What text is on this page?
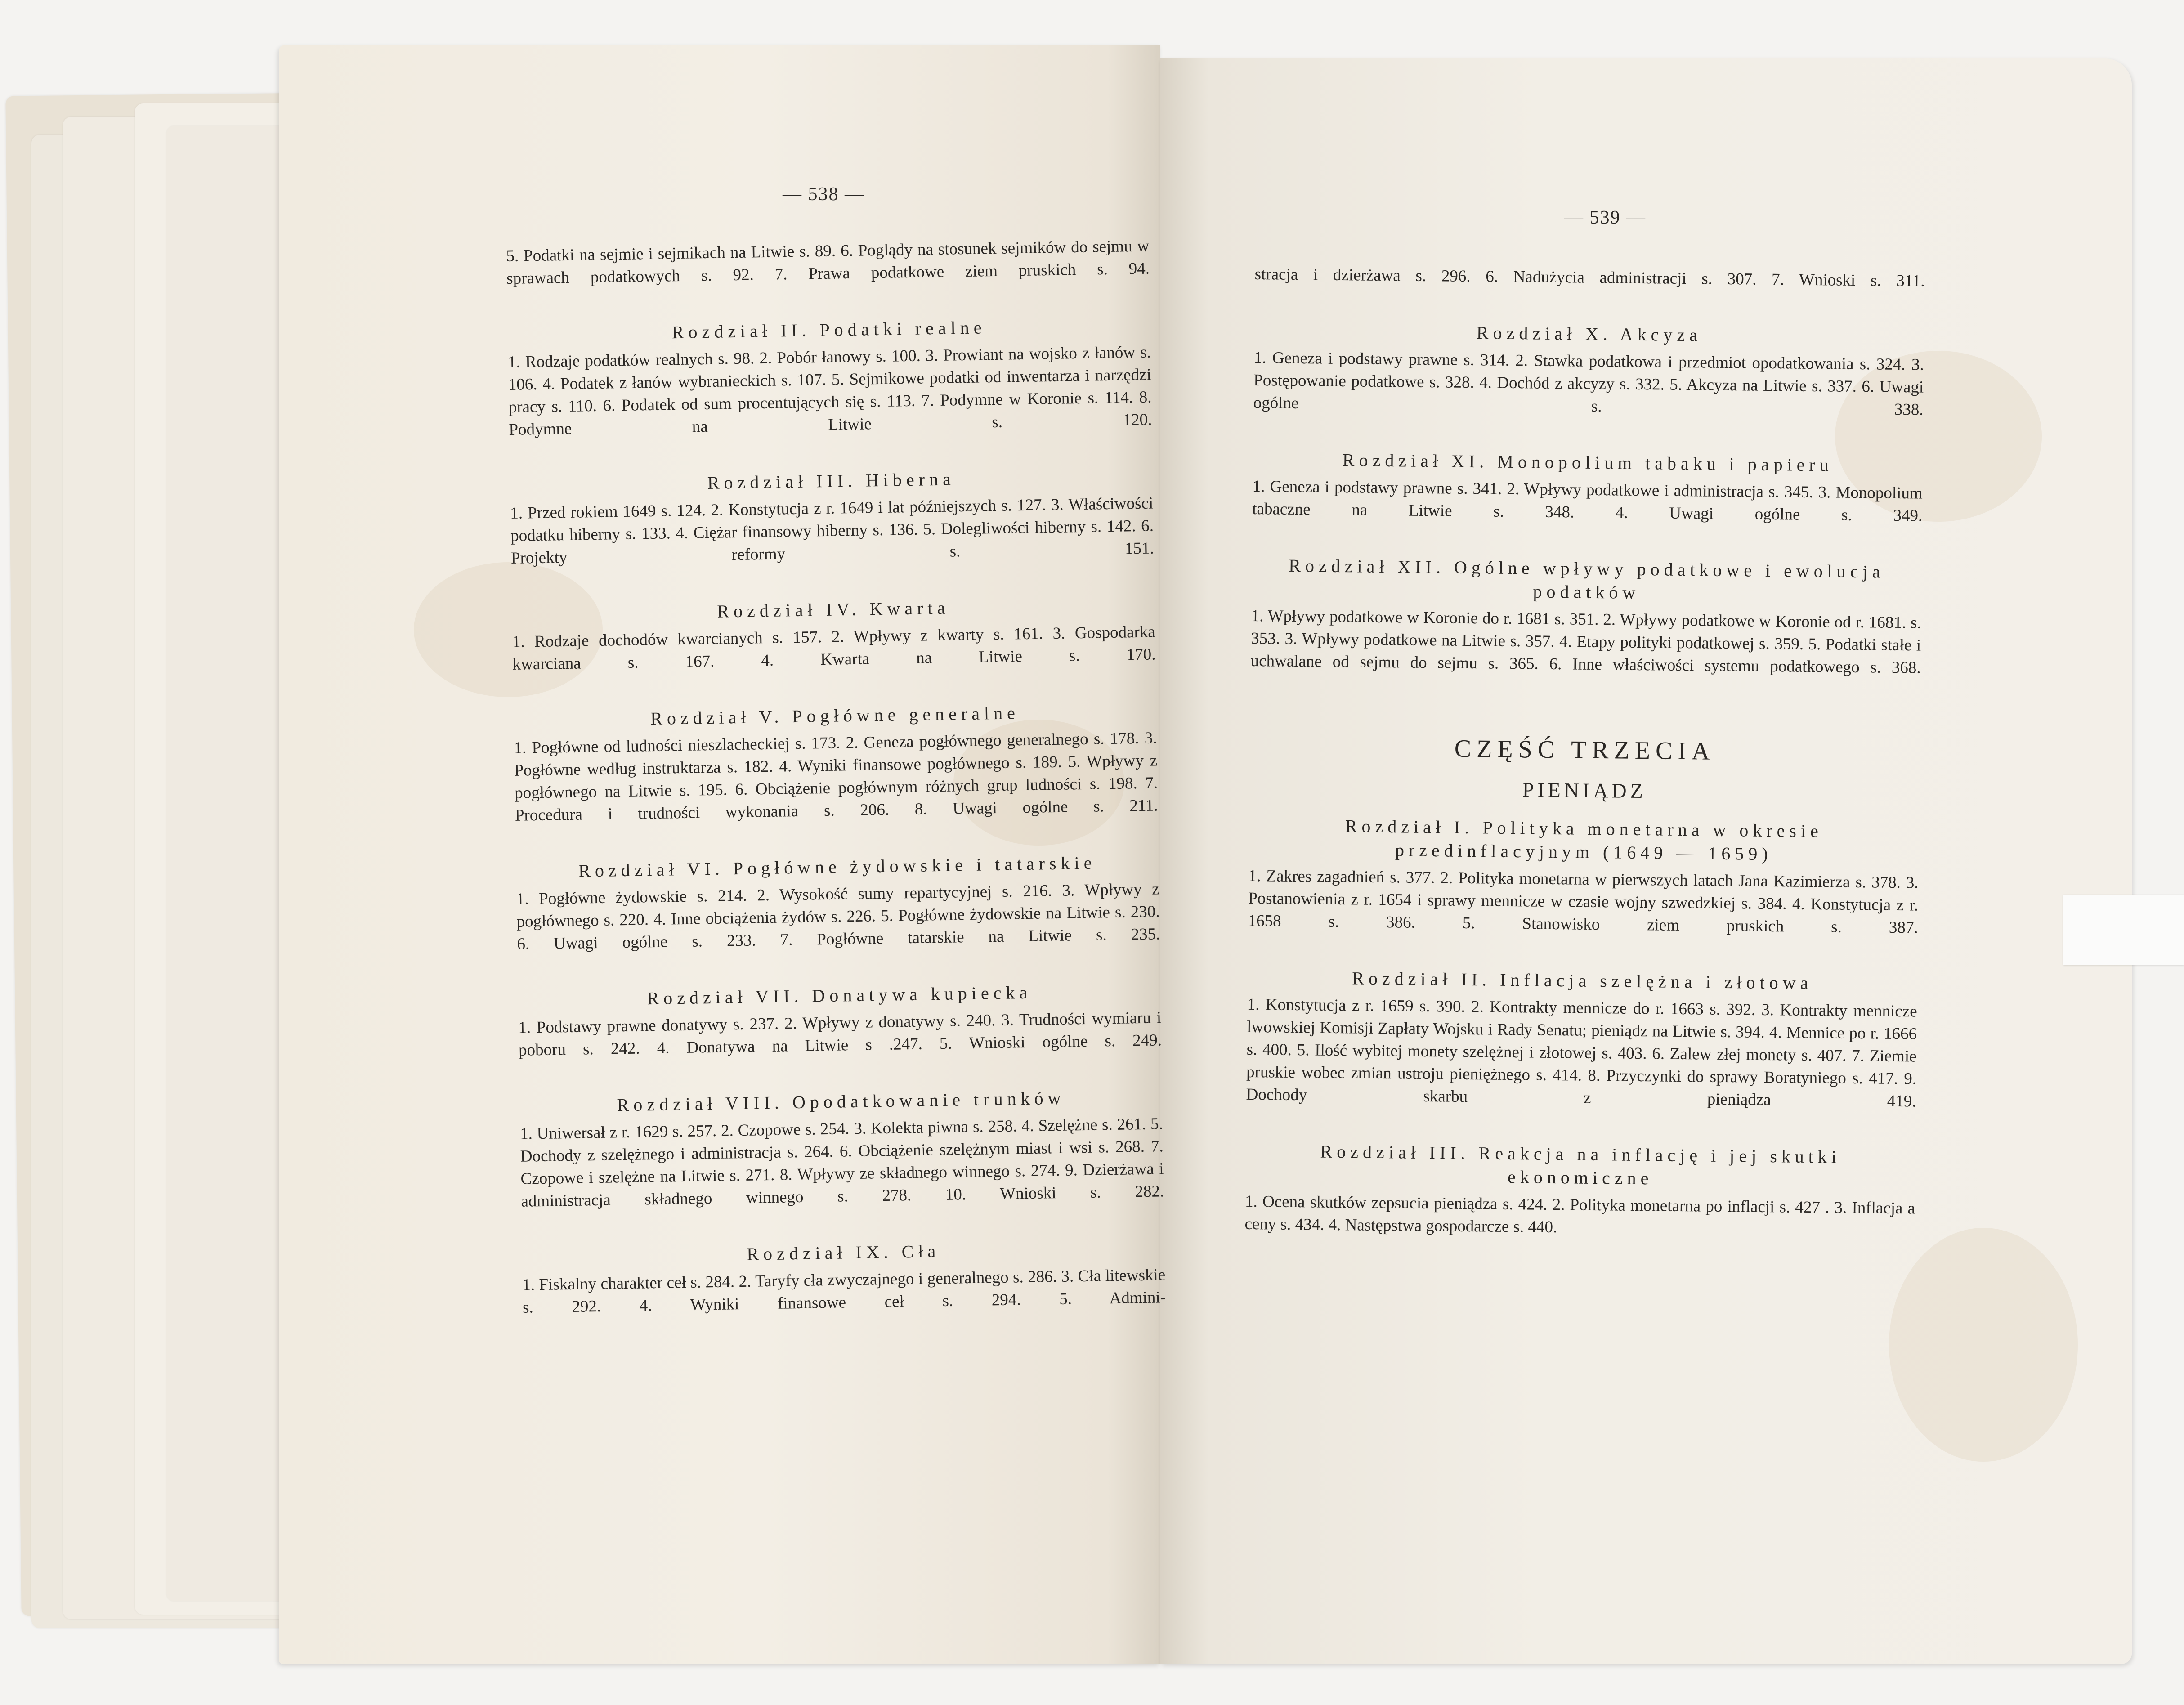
— 538 —
— 539 —

5. Podatki na sejmie i sejmikach na Litwie s. 89. 6. Poglądy na stosunek sejmików do sejmu w sprawach podatkowych s. 92. 7. Prawa podatkowe ziem pruskich s. 94.

Rozdział II. Podatki realne

1. Rodzaje podatków realnych s. 98. 2. Pobór łanowy s. 100. 3. Prowiant na wojsko z łanów s. 106. 4. Podatek z łanów wybranieckich s. 107. 5. Sejmikowe podatki od inwentarza i narzędzi pracy s. 110. 6. Podatek od sum procentujących się s. 113. 7. Podymne w Koronie s. 114. 8. Podymne na Litwie s. 120.

Rozdział III. Hiberna

1. Przed rokiem 1649 s. 124. 2. Konstytucja z r. 1649 i lat późniejszych s. 127. 3. Właściwości podatku hiberny s. 133. 4. Ciężar finansowy hiberny s. 136. 5. Dolegliwości hiberny s. 142. 6. Projekty reformy s. 151.

Rozdział IV. Kwarta

1. Rodzaje dochodów kwarcianych s. 157. 2. Wpływy z kwarty s. 161. 3. Gospodarka kwarciana s. 167. 4. Kwarta na Litwie s. 170.

Rozdział V. Pogłówne generalne

1. Pogłówne od ludności nieszlacheckiej s. 173. 2. Geneza pogłównego generalnego s. 178. 3. Pogłówne według instruktarza s. 182. 4. Wyniki finansowe pogłównego s. 189. 5. Wpływy z pogłównego na Litwie s. 195. 6. Obciążenie pogłównym różnych grup ludności s. 198. 7. Procedura i trudności wykonania s. 206. 8. Uwagi ogólne s. 211.

Rozdział VI. Pogłówne żydowskie i tatarskie

1. Pogłówne żydowskie s. 214. 2. Wysokość sumy repartycyjnej s. 216. 3. Wpływy z pogłównego s. 220. 4. Inne obciążenia żydów s. 226. 5. Pogłówne żydowskie na Litwie s. 230. 6. Uwagi ogólne s. 233. 7. Pogłówne tatarskie na Litwie s. 235.

Rozdział VII. Donatywa kupiecka

1. Podstawy prawne donatywy s. 237. 2. Wpływy z donatywy s. 240. 3. Trudności wymiaru i poboru s. 242. 4. Donatywa na Litwie s .247. 5. Wnioski ogólne s. 249.

Rozdział VIII. Opodatkowanie trunków

1. Uniwersał z r. 1629 s. 257. 2. Czopowe s. 254. 3. Kolekta piwna s. 258. 4. Szelężne s. 261. 5. Dochody z szelężnego i administracja s. 264. 6. Obciążenie szelężnym miast i wsi s. 268. 7. Czopowe i szelężne na Litwie s. 271. 8. Wpływy ze składnego winnego s. 274. 9. Dzierżawa i administracja składnego winnego s. 278. 10. Wnioski s. 282.

Rozdział IX. Cła

1. Fiskalny charakter ceł s. 284. 2. Taryfy cła zwyczajnego i generalnego s. 286. 3. Cła litewskie s. 292. 4. Wyniki finansowe ceł s. 294. 5. Admini-

stracja i dzierżawa s. 296. 6. Nadużycia administracji s. 307. 7. Wnioski s. 311.

Rozdział X. Akcyza

1. Geneza i podstawy prawne s. 314. 2. Stawka podatkowa i przedmiot opodatkowania s. 324. 3. Postępowanie podatkowe s. 328. 4. Dochód z akcyzy s. 332. 5. Akcyza na Litwie s. 337. 6. Uwagi ogólne s. 338.

Rozdział XI. Monopolium tabaku i papieru

1. Geneza i podstawy prawne s. 341. 2. Wpływy podatkowe i administracja s. 345. 3. Monopolium tabaczne na Litwie s. 348. 4. Uwagi ogólne s. 349.

Rozdział XII. Ogólne wpływy podatkowe i ewolucja podatków

1. Wpływy podatkowe w Koronie do r. 1681 s. 351. 2. Wpływy podatkowe w Koronie od r. 1681. s. 353. 3. Wpływy podatkowe na Litwie s. 357. 4. Etapy polityki podatkowej s. 359. 5. Podatki stałe i uchwalane od sejmu do sejmu s. 365. 6. Inne właściwości systemu podatkowego s. 368.

CZĘŚĆ TRZECIA
PIENIĄDZ
Rozdział I. Polityka monetarna w okresie przedinflacyjnym (1649 — 1659)

1. Zakres zagadnień s. 377. 2. Polityka monetarna w pierwszych latach Jana Kazimierza s. 378. 3. Postanowienia z r. 1654 i sprawy mennicze w czasie wojny szwedzkiej s. 384. 4. Konstytucja z r. 1658 s. 386. 5. Stanowisko ziem pruskich s. 387.

Rozdział II. Inflacja szelężna i złotowa

1. Konstytucja z r. 1659 s. 390. 2. Kontrakty mennicze do r. 1663 s. 392. 3. Kontrakty mennicze lwowskiej Komisji Zapłaty Wojsku i Rady Senatu; pieniądz na Litwie s. 394. 4. Mennice po r. 1666 s. 400. 5. Ilość wybitej monety szelężnej i złotowej s. 403. 6. Zalew złej monety s. 407. 7. Ziemie pruskie wobec zmian ustroju pieniężnego s. 414. 8. Przyczynki do sprawy Boratyniego s. 417. 9. Dochody skarbu z pieniądza 419.

Rozdział III. Reakcja na inflację i jej skutki ekonomiczne

1. Ocena skutków zepsucia pieniądza s. 424. 2. Polityka monetarna po inflacji s. 427 . 3. Inflacja a ceny s. 434. 4. Następstwa gospodarcze s. 440.
